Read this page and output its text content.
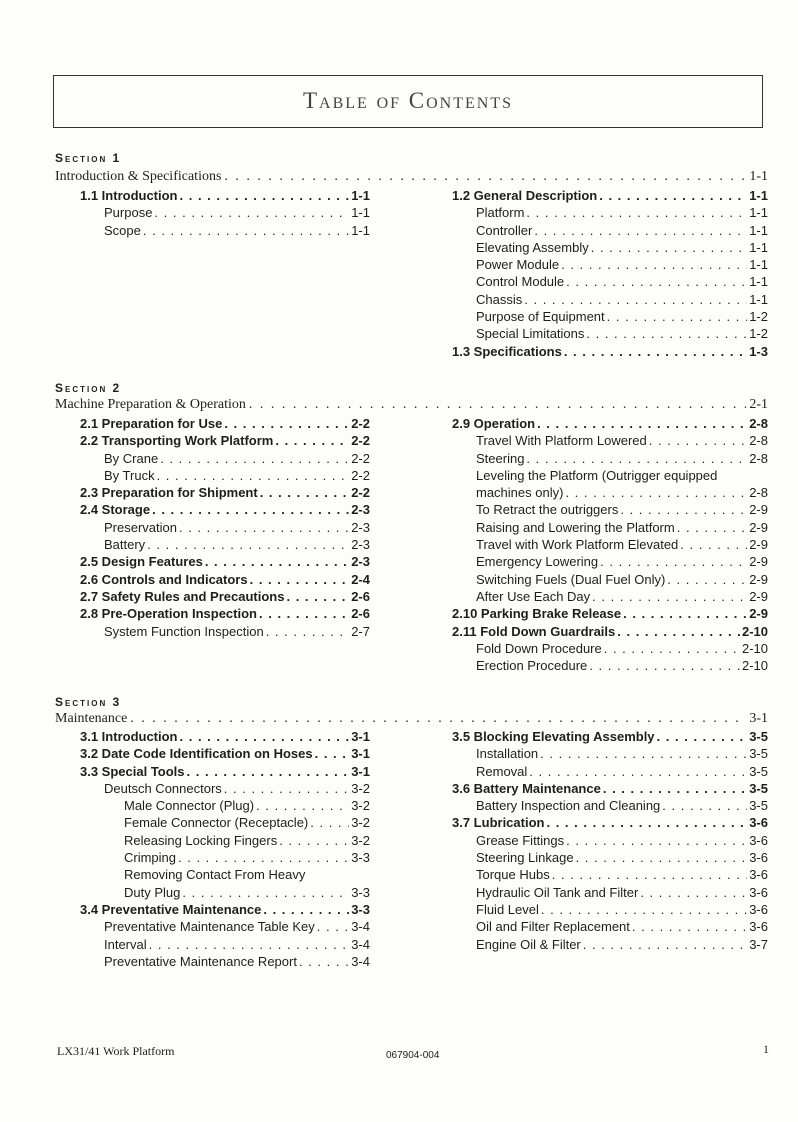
Table of Contents
Section 1
Introduction & Specifications . . .	1-1
1.1 Introduction . . .	1-1
Purpose . . .	1-1
Scope . . .	1-1
1.2 General Description . . .	1-1
Platform . . .	1-1
Controller . . .	1-1
Elevating Assembly . . .	1-1
Power Module . . .	1-1
Control Module . . .	1-1
Chassis . . .	1-1
Purpose of Equipment . . .	1-2
Special Limitations . . .	1-2
1.3 Specifications . . .	1-3
Section 2
Machine Preparation & Operation . . .	2-1
2.1 Preparation for Use . . .	2-2
2.2 Transporting Work Platform . . .	2-2
By Crane . . .	2-2
By Truck . . .	2-2
2.3 Preparation for Shipment . . .	2-2
2.4 Storage . . .	2-3
Preservation . . .	2-3
Battery . . .	2-3
2.5 Design Features . . .	2-3
2.6 Controls and Indicators . . .	2-4
2.7 Safety Rules and Precautions . . .	2-6
2.8 Pre-Operation Inspection . . .	2-6
System Function Inspection . . .	2-7
2.9 Operation . . .	2-8
Travel With Platform Lowered . . .	2-8
Steering . . .	2-8
Leveling the Platform (Outrigger equipped
machines only) . . .	2-8
To Retract the outriggers . . .	2-9
Raising and Lowering the Platform . . .	2-9
Travel with Work Platform Elevated . . .	2-9
Emergency Lowering . . .	2-9
Switching Fuels (Dual Fuel Only) . . .	2-9
After Use Each Day . . .	2-9
2.10 Parking Brake Release . . .	2-9
2.11 Fold Down Guardrails . . .	2-10
Fold Down Procedure . . .	2-10
Erection Procedure . . .	2-10
Section 3
Maintenance . . .	3-1
3.1 Introduction . . .	3-1
3.2 Date Code Identification on Hoses . . .	3-1
3.3 Special Tools . . .	3-1
Deutsch Connectors . . .	3-2
Male Connector (Plug) . . .	3-2
Female Connector (Receptacle) . . .	3-2
Releasing Locking Fingers . . .	3-2
Crimping . . .	3-3
Removing Contact From Heavy
Duty Plug . . .	3-3
3.4 Preventative Maintenance . . .	3-3
Preventative Maintenance Table Key . . .	3-4
Interval . . .	3-4
Preventative Maintenance Report . . .	3-4
3.5 Blocking Elevating Assembly . . .	3-5
Installation . . .	3-5
Removal . . .	3-5
3.6 Battery Maintenance . . .	3-5
Battery Inspection and Cleaning . . .	3-5
3.7 Lubrication . . .	3-6
Grease Fittings . . .	3-6
Steering Linkage . . .	3-6
Torque Hubs . . .	3-6
Hydraulic Oil Tank and Filter . . .	3-6
Fluid Level . . .	3-6
Oil and Filter Replacement . . .	3-6
Engine Oil & Filter . . .	3-7
LX31/41 Work Platform	067904-004	1
